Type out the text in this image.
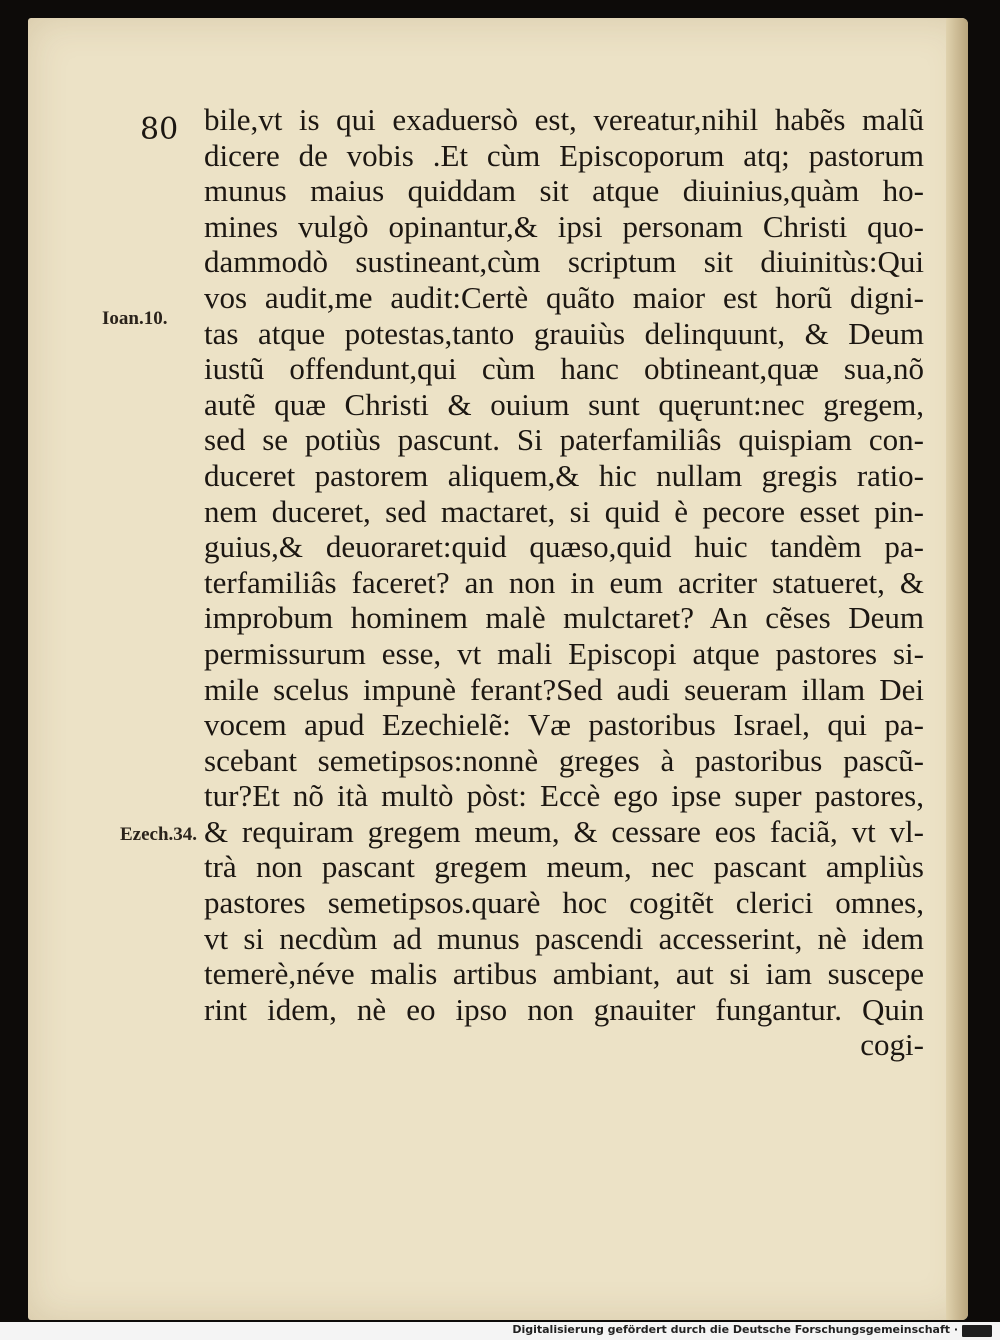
80
Ioan.10.
Ezech.34.
bile,vt is qui exaduersò est, vereatur,nihil habẽs malũ
dicere de vobis .Et cùm Episcoporum atq; pastorum
munus maius quiddam sit atque diuinius,quàm ho-
mines vulgò opinantur,& ipsi personam Christi quo-
dammodò sustineant,cùm scriptum sit diuinitùs:Qui
vos audit,me audit:Certè quãto maior est horũ digni-
tas atque potestas,tanto grauiùs delinquunt, & Deum
iustũ offendunt,qui cùm hanc obtineant,quæ sua,nõ
autẽ quæ Christi & ouium sunt quęrunt:nec gregem,
sed se potiùs pascunt. Si paterfamiliâs quispiam con-
duceret pastorem aliquem,& hic nullam gregis ratio-
nem duceret, sed mactaret, si quid è pecore esset pin-
guius,& deuoraret:quid quæso,quid huic tandèm pa-
terfamiliâs faceret? an non in eum acriter statueret, &
improbum hominem malè mulctaret? An cẽses Deum
permissurum esse, vt mali Episcopi atque pastores si-
mile scelus impunè ferant?Sed audi seueram illam Dei
vocem apud Ezechielẽ: Væ pastoribus Israel, qui pa-
scebant semetipsos:nonnè greges à pastoribus pascũ-
tur?Et nõ ità multò pòst: Eccè ego ipse super pastores,
& requiram gregem meum, & cessare eos faciã, vt vl-
trà non pascant gregem meum, nec pascant ampliùs
pastores semetipsos.quarè hoc cogitẽt clerici omnes,
vt si necdùm ad munus pascendi accesserint, nè idem
temerè,néve malis artibus ambiant, aut si iam suscepe
rint idem, nè eo ipso non gnauiter fungantur. Quin
cogi-
Digitalisierung gefördert durch die Deutsche Forschungsgemeinschaft ·
